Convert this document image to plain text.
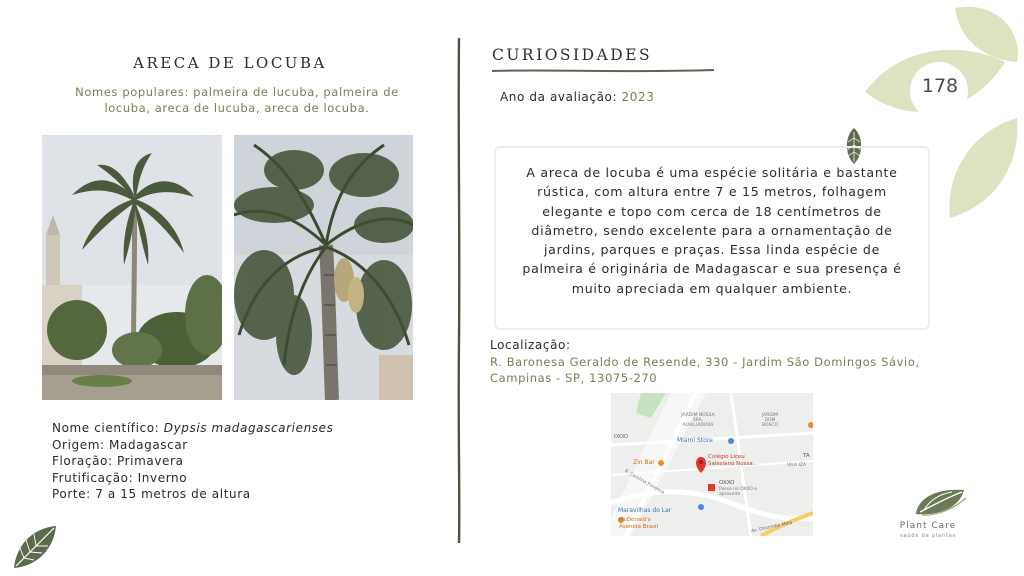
178
ARECA DE LOCUBA
Nomes populares: palmeira de lucuba, palmeira de locuba, areca de lucuba, areca de locuba.
Nome científico: Dypsis madagascarienses
Origem: Madagascar
Floração: Primavera
Frutificação: Inverno
Porte: 7 a 15 metros de altura
CURIOSIDADES
Ano da avaliação: 2023
A areca de locuba é uma espécie solitária e bastante rústica, com altura entre 7 e 15 metros, folhagem elegante e topo com cerca de 18 centímetros de diâmetro, sendo excelente para a ornamentação de jardins, parques e praças. Essa linda espécie de palmeira é originária de Madagascar e sua presença é muito apreciada em qualquer ambiente.
Localização:
R. Baronesa Geraldo de Resende, 330 - Jardim São Domingos Sávio, Campinas - SP, 13075-270
JARDIM NOSSA SRA. AUXILIADORA
JARDIM DOM BOSCO
OXXO	Miami Store
Colégio Liceu Salesiano Nossa...
Zin Bar	VILA IZA
TA
OXXO
Passe no OXXO e aproveite
R. Carolina Florence
Maravilhas do Lar
McDonald's Avenida Brasil	Av. Orozimbo Maia	Plant Care
saúde de plantas
